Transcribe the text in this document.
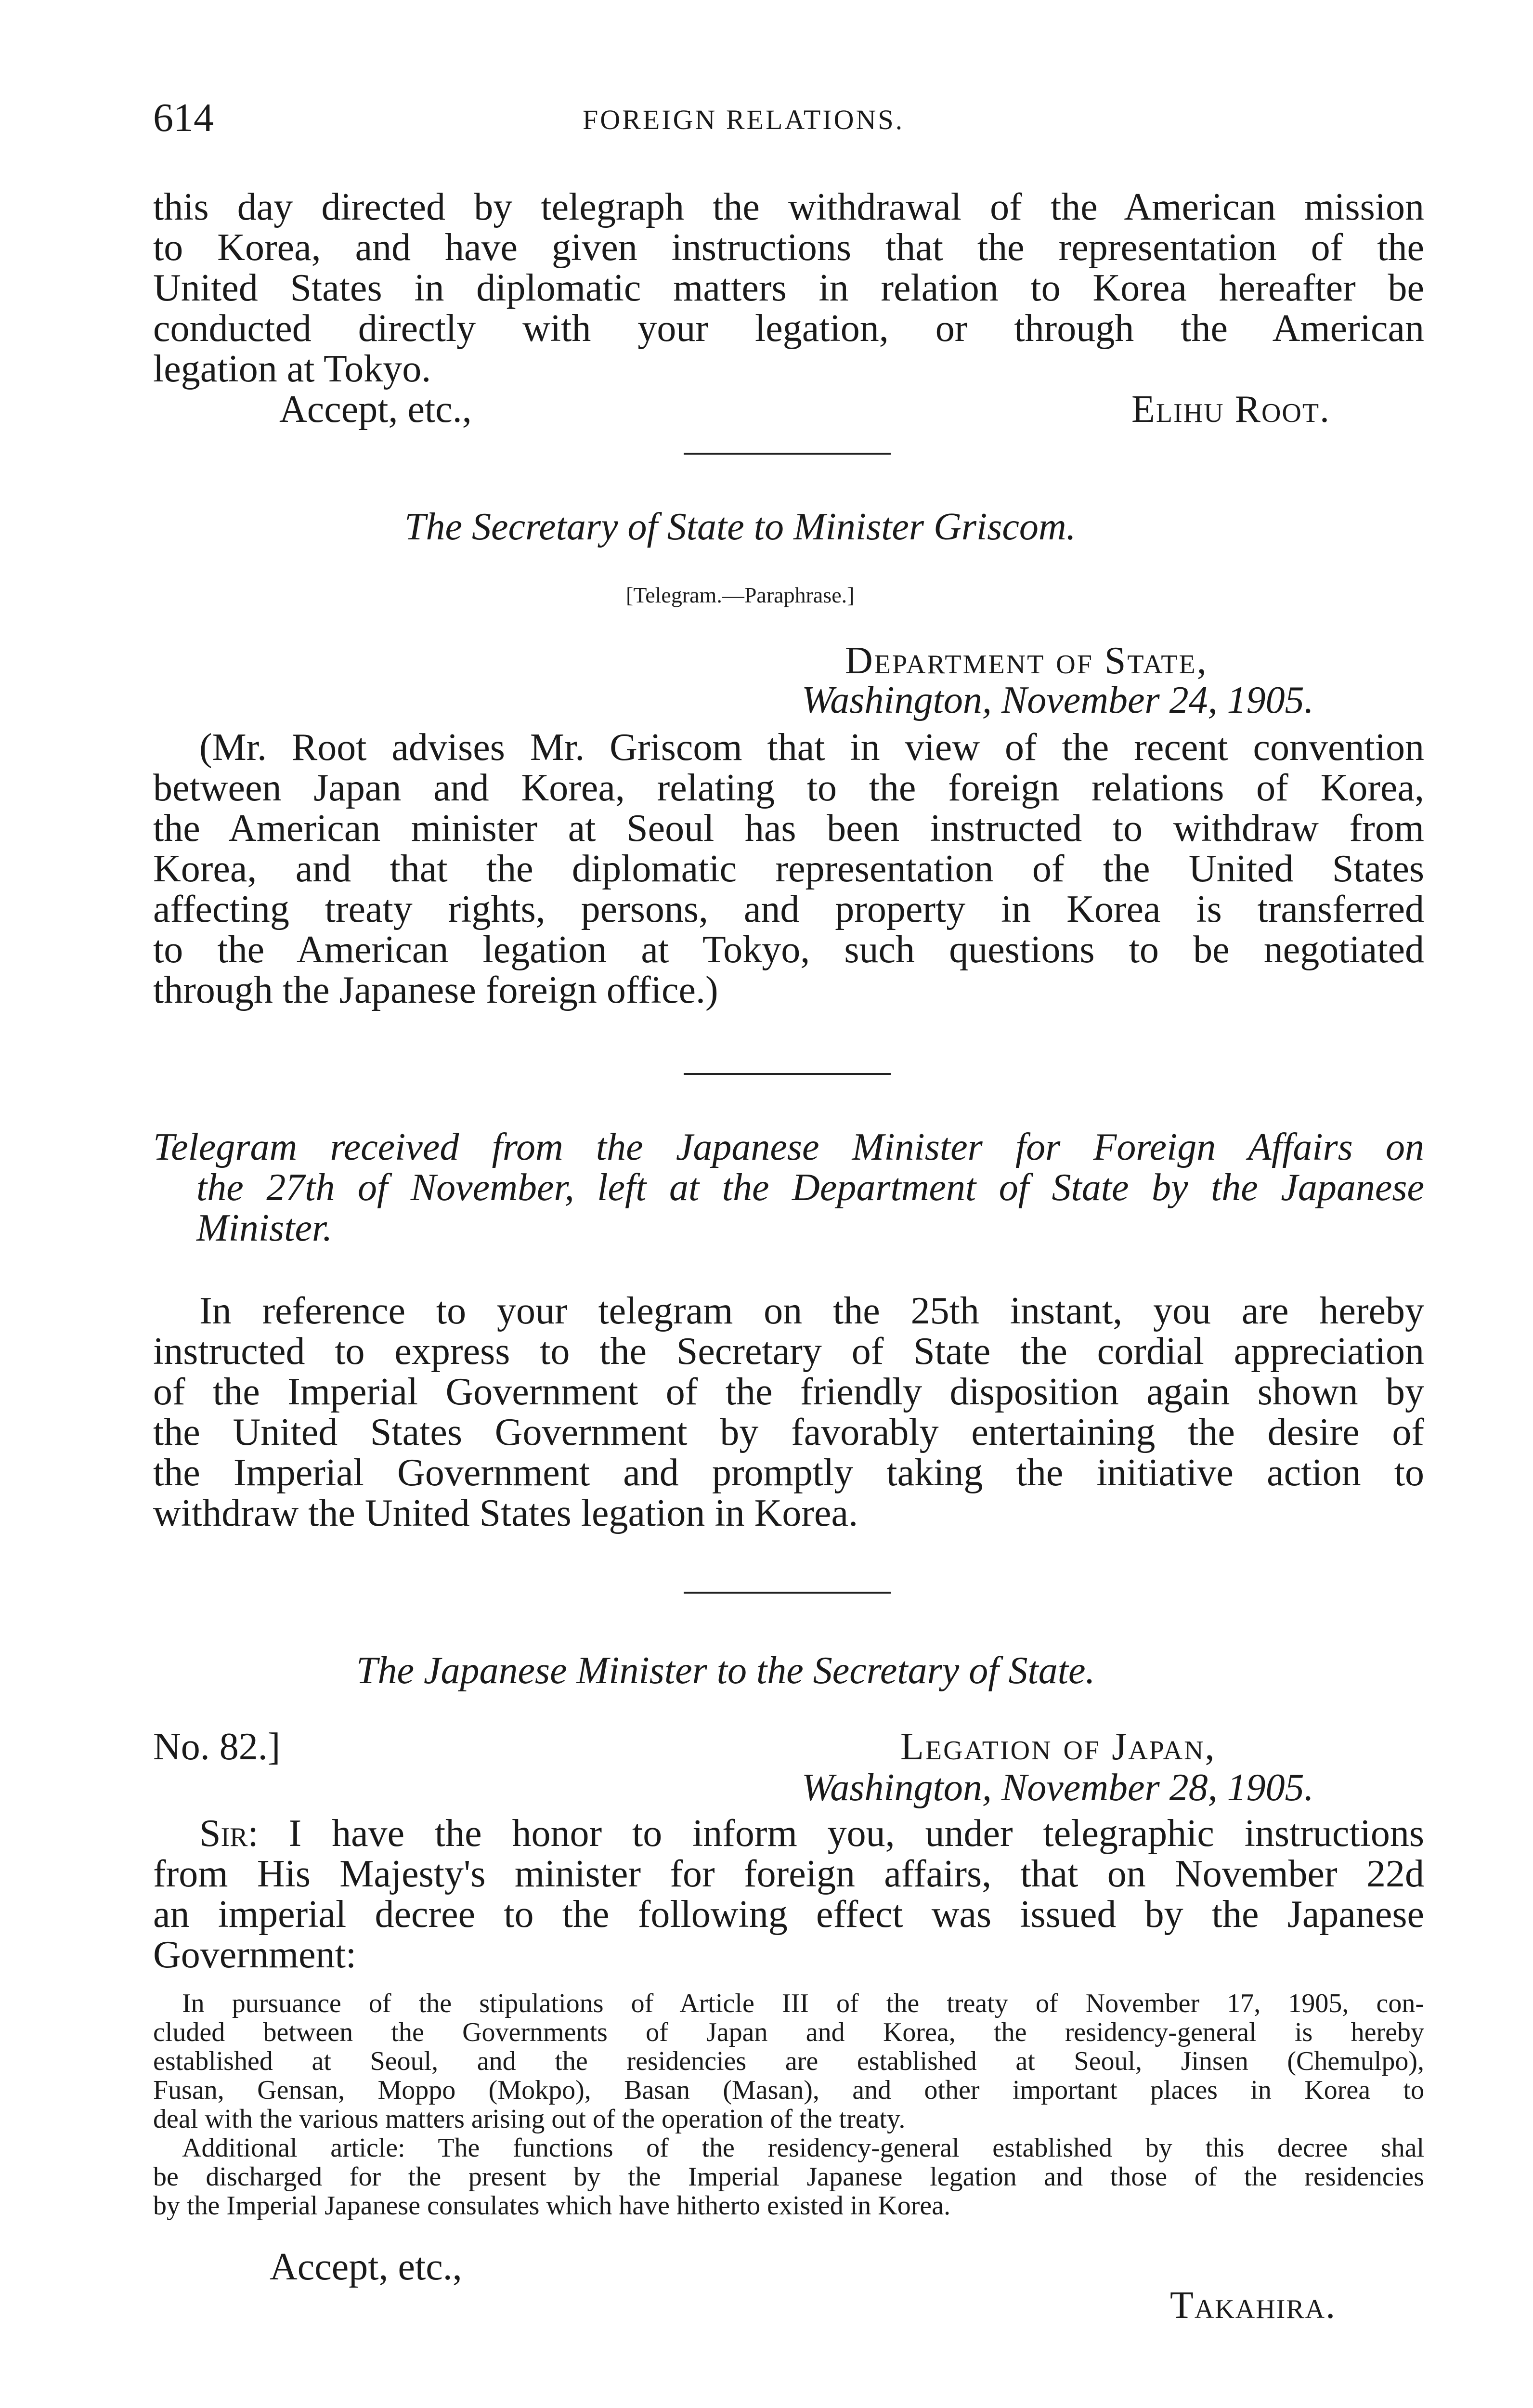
614	FOREIGN RELATIONS.
this day directed by telegraph the withdrawal of the American mission
to Korea, and have given instructions that the representation of the
United States in diplomatic matters in relation to Korea hereafter be
conducted directly with your legation, or through the American
legation at Tokyo.
Accept, etc.,	Elihu Root.
The Secretary of State to Minister Griscom.
[Telegram.—Paraphrase.]
Department of State,
Washington, November 24, 1905.
(Mr. Root advises Mr. Griscom that in view of the recent convention
between Japan and Korea, relating to the foreign relations of Korea,
the American minister at Seoul has been instructed to withdraw from
Korea, and that the diplomatic representation of the United States
affecting treaty rights, persons, and property in Korea is transferred
to the American legation at Tokyo, such questions to be negotiated
through the Japanese foreign office.)
Telegram received from the Japanese Minister for Foreign Affairs on
the 27th of November, left at the Department of State by the Japanese
Minister.
In reference to your telegram on the 25th instant, you are hereby
instructed to express to the Secretary of State the cordial appreciation
of the Imperial Government of the friendly disposition again shown by
the United States Government by favorably entertaining the desire of
the Imperial Government and promptly taking the initiative action to
withdraw the United States legation in Korea.
The Japanese Minister to the Secretary of State.
No. 82.]	Legation of Japan,
Washington, November 28, 1905.
Sir: I have the honor to inform you, under telegraphic instructions
from His Majesty's minister for foreign affairs, that on November 22d
an imperial decree to the following effect was issued by the Japanese
Government:
In pursuance of the stipulations of Article III of the treaty of November 17, 1905, con-
cluded between the Governments of Japan and Korea, the residency-general is hereby
established at Seoul, and the residencies are established at Seoul, Jinsen (Chemulpo),
Fusan, Gensan, Moppo (Mokpo), Basan (Masan), and other important places in Korea to
deal with the various matters arising out of the operation of the treaty.
Additional article: The functions of the residency-general established by this decree shal
be discharged for the present by the Imperial Japanese legation and those of the residencies
by the Imperial Japanese consulates which have hitherto existed in Korea.
Accept, etc.,
Takahira.
